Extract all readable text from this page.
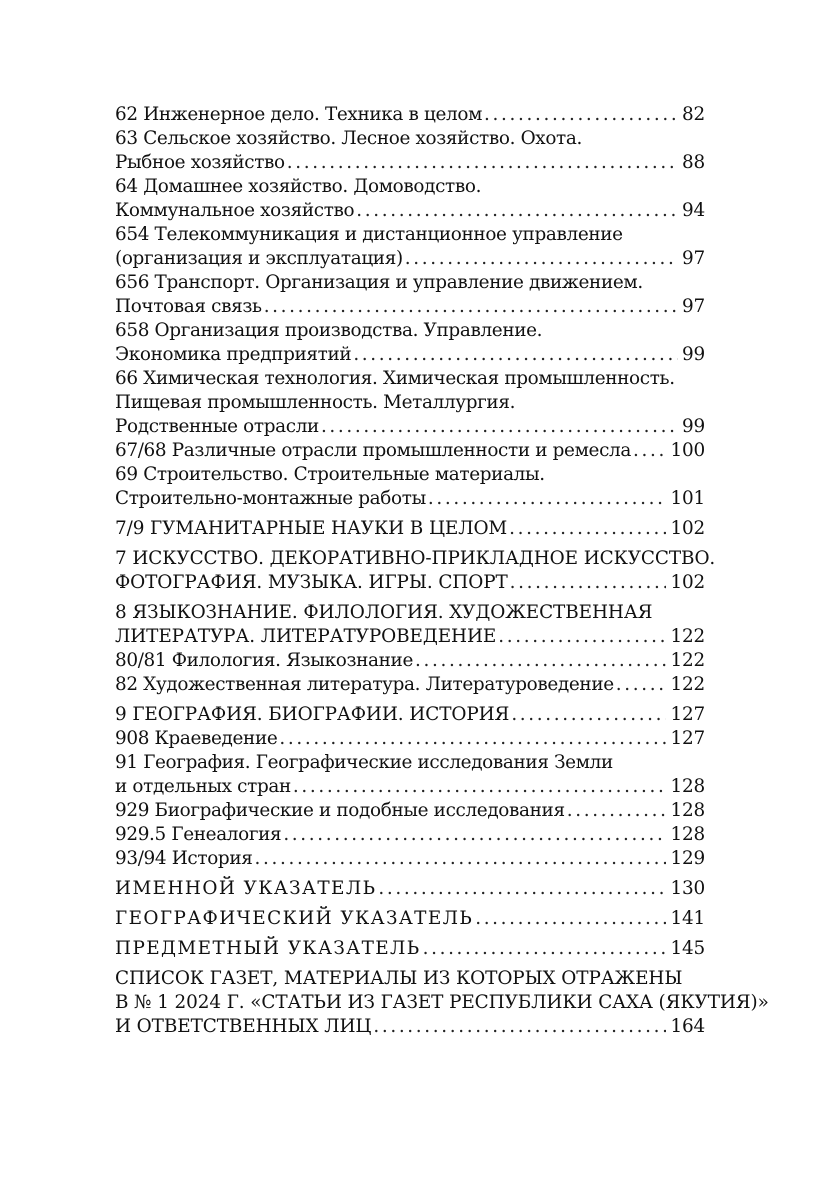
62 Инженерное дело. Техника в целом . . .	82
63 Сельское хозяйство. Лесное хозяйство. Охота.
Рыбное хозяйство . . .	88
64 Домашнее хозяйство. Домоводство.
Коммунальное хозяйство . . .	94
654 Телекоммуникация и дистанционное управление
(организация и эксплуатация) . . .	97
656 Транспорт. Организация и управление движением.
Почтовая связь . . .	97
658 Организация производства. Управление.
Экономика предприятий . . .	99
66 Химическая технология. Химическая промышленность.
Пищевая промышленность. Металлургия.
Родственные отрасли . . .	99
67/68 Различные отрасли промышленности и ремесла . . . 100
69 Строительство. Строительные материалы.
Строительно-монтажные работы . . .	101
7/9 ГУМАНИТАРНЫЕ НАУКИ В ЦЕЛОМ . . .	102
7 ИСКУССТВО. ДЕКОРАТИВНО-ПРИКЛАДНОЕ ИСКУССТВО.
ФОТОГРАФИЯ. МУЗЫКА. ИГРЫ. СПОРТ . . .	102
8 ЯЗЫКОЗНАНИЕ. ФИЛОЛОГИЯ. ХУДОЖЕСТВЕННАЯ
ЛИТЕРАТУРА. ЛИТЕРАТУРОВЕДЕНИЕ . . .	122
80/81 Филология. Языкознание . . .	122
82 Художественная литература. Литературоведение . . .	122
9 ГЕОГРАФИЯ. БИОГРАФИИ. ИСТОРИЯ . . .	127
908 Краеведение . . .	127
91 География. Географические исследования Земли
и отдельных стран . . .	128
929 Биографические и подобные исследования . . .	128
929.5 Генеалогия . . .	128
93/94 История . . .	129
ИМЕННОЙ УКАЗАТЕЛЬ . . .	130
ГЕОГРАФИЧЕСКИЙ УКАЗАТЕЛЬ . . .	141
ПРЕДМЕТНЫЙ УКАЗАТЕЛЬ . . .	145
СПИСОК ГАЗЕТ, МАТЕРИАЛЫ ИЗ КОТОРЫХ ОТРАЖЕНЫ
В № 1 2024 Г. «СТАТЬИ ИЗ ГАЗЕТ РЕСПУБЛИКИ САХА (ЯКУТИЯ)»
И ОТВЕТСТВЕННЫХ ЛИЦ . . .	164
